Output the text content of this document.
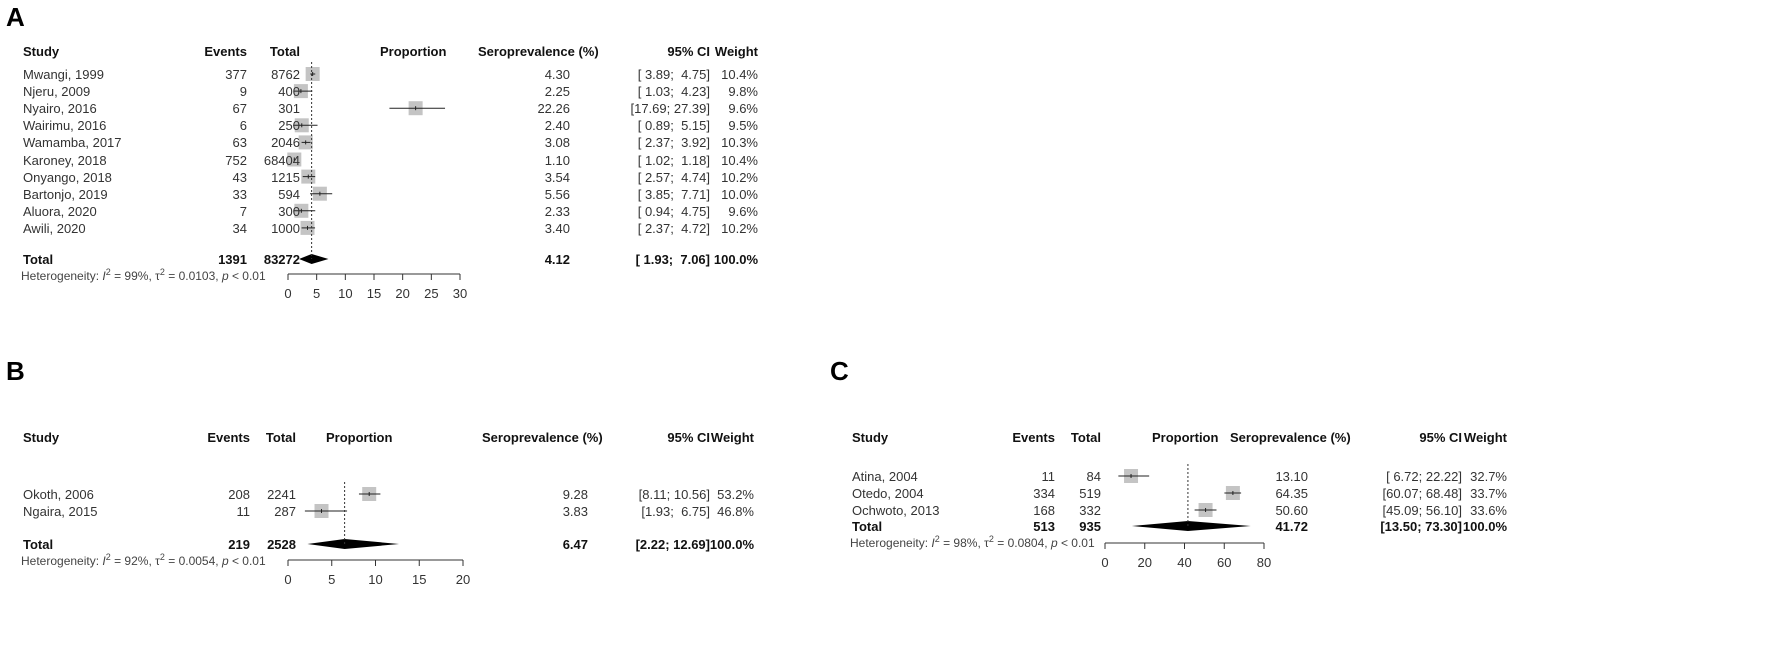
A
Study	Events	Total	Proportion Seroprevalence (%)	95% CI Weight
B	C
Mwangi, 1999	377	8762	4.30	[ 3.89;  4.75] 10.4%
Njeru, 2009	9	400	2.25	[ 1.03;  4.23]	9.8%
Nyairo, 2016	67	301	22.26	[17.69; 27.39]	9.6%
Wairimu, 2016	6	250	2.40	[ 0.89;  5.15]	9.5%
Wamamba, 2017	63	2046	3.08	[ 2.37;  3.92] 10.3%
Karoney, 2018	752	68404	1.10	[ 1.02;  1.18] 10.4%
Onyango, 2018	43	1215	3.54	[ 2.57;  4.74] 10.2%
Bartonjo, 2019	33	594	5.56	[ 3.85;  7.71] 10.0%
Aluora, 2020	7	300	2.33	[ 0.94;  4.75]	9.6%
Awili, 2020	34	1000	3.40	[ 2.37;  4.72] 10.2%
Total	1391	83272	4.12	[ 1.93;  7.06] 100.0%
Heterogeneity: $I^2 = 99\%$, $\tau^2 = 0.0103$, p < 0.01
0	5	10	15	20	25	30
Study	Events	Total Proportion	Seroprevalence (%)	95% CI Weight
Okoth, 2006	208	2241	9.28	[8.11; 10.56] 53.2%
Ngaira, 2015	11	287	3.83	[1.93;  6.75] 46.8%
Total	219	2528	6.47	[2.22; 12.69] 100.0%
Heterogeneity: $I^2 = 92\%$, $\tau^2 = 0.0054$, p < 0.01
0	5	10	15	20
Study	Events	Total	Proportion Seroprevalence (%)	95% CI Weight
Atina, 2004	11	84	13.10	[ 6.72; 22.22] 32.7%
Otedo, 2004	334	519	64.35	[60.07; 68.48] 33.7%
Ochwoto, 2013	168	332	50.60	[45.09; 56.10] 33.6%
Total	513	935	41.72	[13.50; 73.30] 100.0%
Heterogeneity: $I^2 = 98\%$, $\tau^2 = 0.0804$, p < 0.01
0	20	40	60	80
